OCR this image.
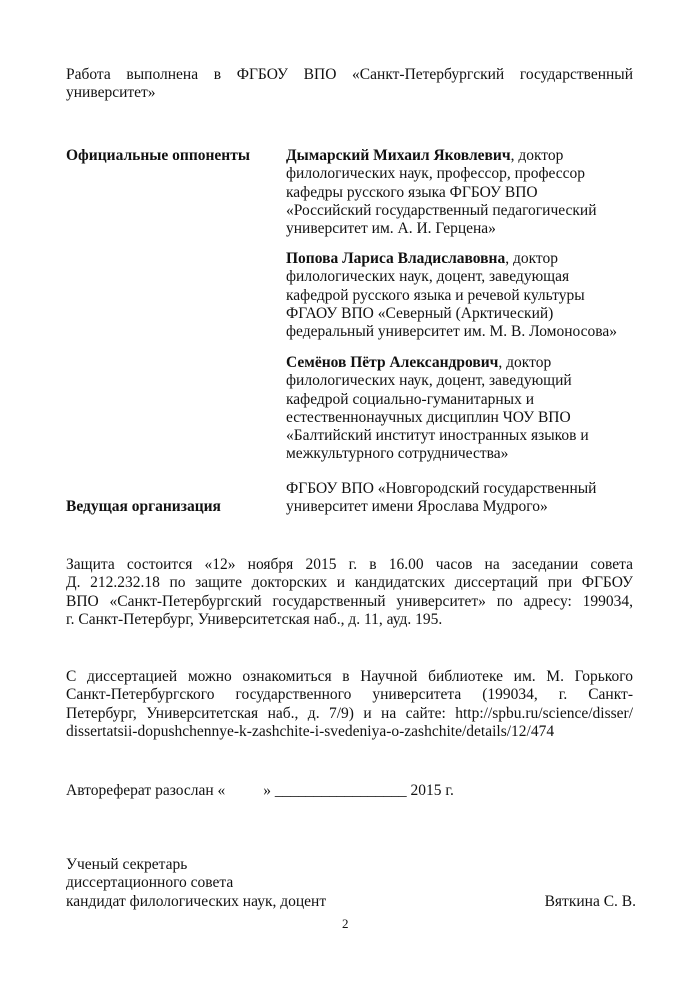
Работа выполнена в ФГБОУ ВПО «Санкт-Петербургский государственный
университет»
Официальные оппоненты Дымарский Михаил Яковлевич, доктор
филологических наук, профессор, профессор
кафедры русского языка ФГБОУ ВПО
«Российский государственный педагогический
университет им. А. И. Герцена»
Попова Лариса Владиславовна, доктор
филологических наук, доцент, заведующая
кафедрой русского языка и речевой культуры
ФГАОУ ВПО «Северный (Арктический)
федеральный университет им. М. В. Ломоносова»
Семёнов Пётр Александрович, доктор
филологических наук, доцент, заведующий
кафедрой социально-гуманитарных и
естественнонаучных дисциплин ЧОУ ВПО
«Балтийский институт иностранных языков и
межкультурного сотрудничества»
Ведущая организация
ФГБОУ ВПО «Новгородский государственный
университет имени Ярослава Мудрого»
Защита состоится «12» ноября 2015 г. в 16.00 часов на заседании совета
Д. 212.232.18 по защите докторских и кандидатских диссертаций при ФГБОУ
ВПО «Санкт-Петербургский государственный университет» по адресу: 199034,
г. Санкт-Петербург, Университетская наб., д. 11, ауд. 195.
С диссертацией можно ознакомиться в Научной библиотеке им. М. Горького
Санкт-Петербургского государственного университета (199034, г. Санкт-
Петербург, Университетская наб., д. 7/9) и на сайте: http://spbu.ru/science/disser/
dissertatsii-dopushchennye-k-zashchite-i-svedeniya-o-zashchite/details/12/474
Автореферат разослан « » _________________ 2015 г.
Ученый секретарь
диссертационного совета
кандидат филологических наук, доцент	Вяткина С. В.
2
